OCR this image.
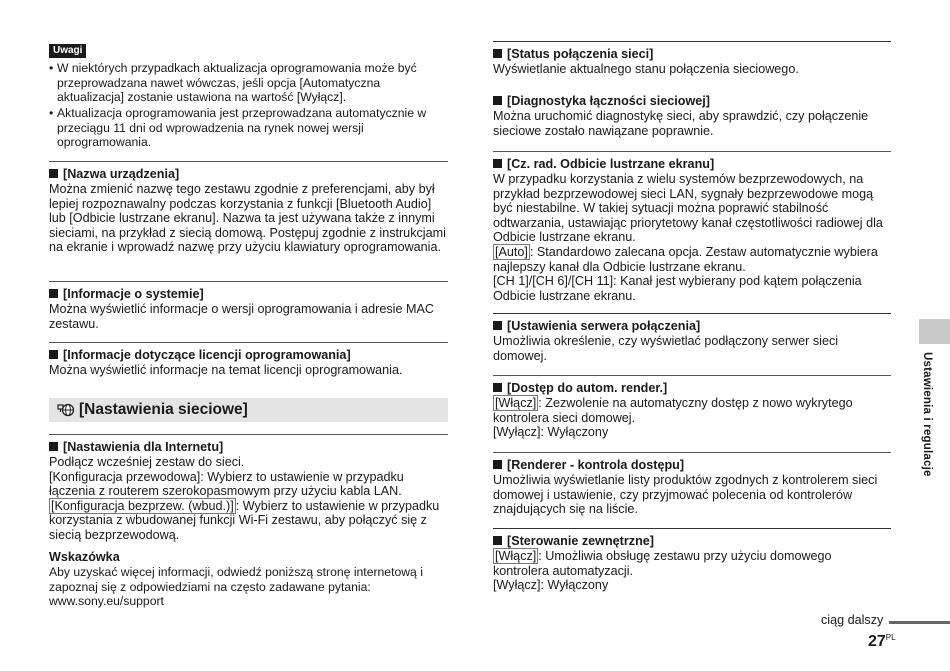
Uwagi
• W niektórych przypadkach aktualizacja oprogramowania może być przeprowadzana nawet wówczas, jeśli opcja [Automatyczna aktualizacja] zostanie ustawiona na wartość [Wyłącz].
• Aktualizacja oprogramowania jest przeprowadzana automatycznie w przeciągu 11 dni od wprowadzenia na rynek nowej wersji oprogramowania.
[Nazwa urządzenia]

Można zmienić nazwę tego zestawu zgodnie z preferencjami, aby był lepiej rozpoznawalny podczas korzystania z funkcji [Bluetooth Audio] lub [Odbicie lustrzane ekranu]. Nazwa ta jest używana także z innymi sieciami, na przykład z siecią domową. Postępuj zgodnie z instrukcjami na ekranie i wprowadź nazwę przy użyciu klawiatury oprogramowania.

[Informacje o systemie]

Można wyświetlić informacje o wersji oprogramowania i adresie MAC zestawu.

[Informacje dotyczące licencji oprogramowania]

Można wyświetlić informacje na temat licencji oprogramowania.

[Nastawienia dla Internetu]

Podłącz wcześniej zestaw do sieci.

[Konfiguracja przewodowa]: Wybierz to ustawienie w przypadku łączenia z routerem szerokopasmowym przy użyciu kabla LAN.

[Konfiguracja bezprzew. (wbud.)] : Wybierz to ustawienie w przypadku korzystania z wbudowanej funkcji Wi-Fi zestawu, aby połączyć się z siecią bezprzewodową.

Wskazówka

Aby uzyskać więcej informacji, odwiedź poniższą stronę internetową i zapoznaj się z odpowiedziami na często zadawane pytania:

www.sony.eu/support

[Nastawienia sieciowe]
[Status połączenia sieci]

Wyświetlanie aktualnego stanu połączenia sieciowego.

[Diagnostyka łączności sieciowej]

Można uruchomić diagnostykę sieci, aby sprawdzić, czy połączenie sieciowe zostało nawiązane poprawnie.

[Cz. rad. Odbicie lustrzane ekranu]

W przypadku korzystania z wielu systemów bezprzewodowych, na przykład bezprzewodowej sieci LAN, sygnały bezprzewodowe mogą być niestabilne. W takiej sytuacji można poprawić stabilność odtwarzania, ustawiając priorytetowy kanał częstotliwości radiowej dla Odbicie lustrzane ekranu.

[Auto] : Standardowo zalecana opcja. Zestaw automatycznie wybiera najlepszy kanał dla Odbicie lustrzane ekranu.

[CH 1]/[CH 6]/[CH 11]: Kanał jest wybierany pod kątem połączenia Odbicie lustrzane ekranu.

[Ustawienia serwera połączenia]

Umożliwia określenie, czy wyświetlać podłączony serwer sieci domowej.

[Dostęp do autom. render.]

[Włącz] : Zezwolenie na automatyczny dostęp z nowo wykrytego kontrolera sieci domowej.

[Wyłącz]: Wyłączony

[Renderer - kontrola dostępu]

Umożliwia wyświetlanie listy produktów zgodnych z kontrolerem sieci domowej i ustawienie, czy przyjmować polecenia od kontrolerów znajdujących się na liście.

[Sterowanie zewnętrzne]

[Włącz] : Umożliwia obsługę zestawu przy użyciu domowego kontrolera automatyzacji.

[Wyłącz]: Wyłączony

Ustawienia i regulacje
ciąg dalszy
$27^{PL}$
